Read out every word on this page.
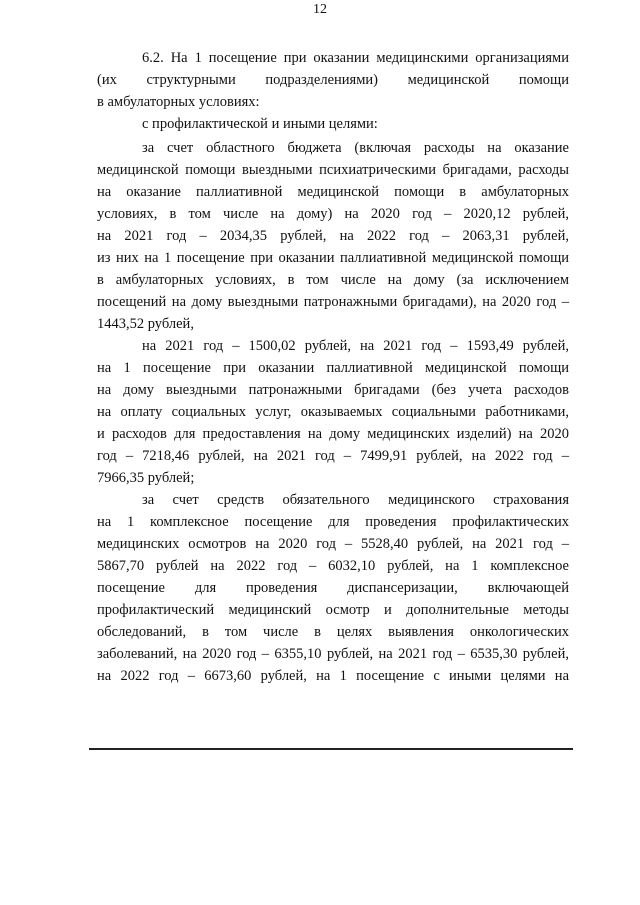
12
6.2. На 1 посещение при оказании медицинскими организациями
(их структурными подразделениями) медицинской помощи
в амбулаторных условиях:
с профилактической и иными целями:
за счет областного бюджета (включая расходы на оказание
медицинской помощи выездными психиатрическими бригадами, расходы
на оказание паллиативной медицинской помощи в амбулаторных
условиях, в том числе на дому) на 2020 год – 2020,12 рублей,
на 2021 год – 2034,35 рублей, на 2022 год – 2063,31 рублей,
из них на 1 посещение при оказании паллиативной медицинской помощи
в амбулаторных условиях, в том числе на дому (за исключением
посещений на дому выездными патронажными бригадами), на 2020 год –
1443,52 рублей,
на 2021 год – 1500,02 рублей, на 2021 год – 1593,49 рублей,
на 1 посещение при оказании паллиативной медицинской помощи
на дому выездными патронажными бригадами (без учета расходов
на оплату социальных услуг, оказываемых социальными работниками,
и расходов для предоставления на дому медицинских изделий) на 2020
год – 7218,46 рублей, на 2021 год – 7499,91 рублей, на 2022 год –
7966,35 рублей;
за счет средств обязательного медицинского страхования
на 1 комплексное посещение для проведения профилактических
медицинских осмотров на 2020 год – 5528,40 рублей, на 2021 год –
5867,70 рублей на 2022 год – 6032,10 рублей, на 1 комплексное
посещение для проведения диспансеризации, включающей
профилактический медицинский осмотр и дополнительные методы
обследований, в том числе в целях выявления онкологических
заболеваний, на 2020 год – 6355,10 рублей, на 2021 год – 6535,30 рублей,
на 2022 год – 6673,60 рублей, на 1 посещение с иными целями на
